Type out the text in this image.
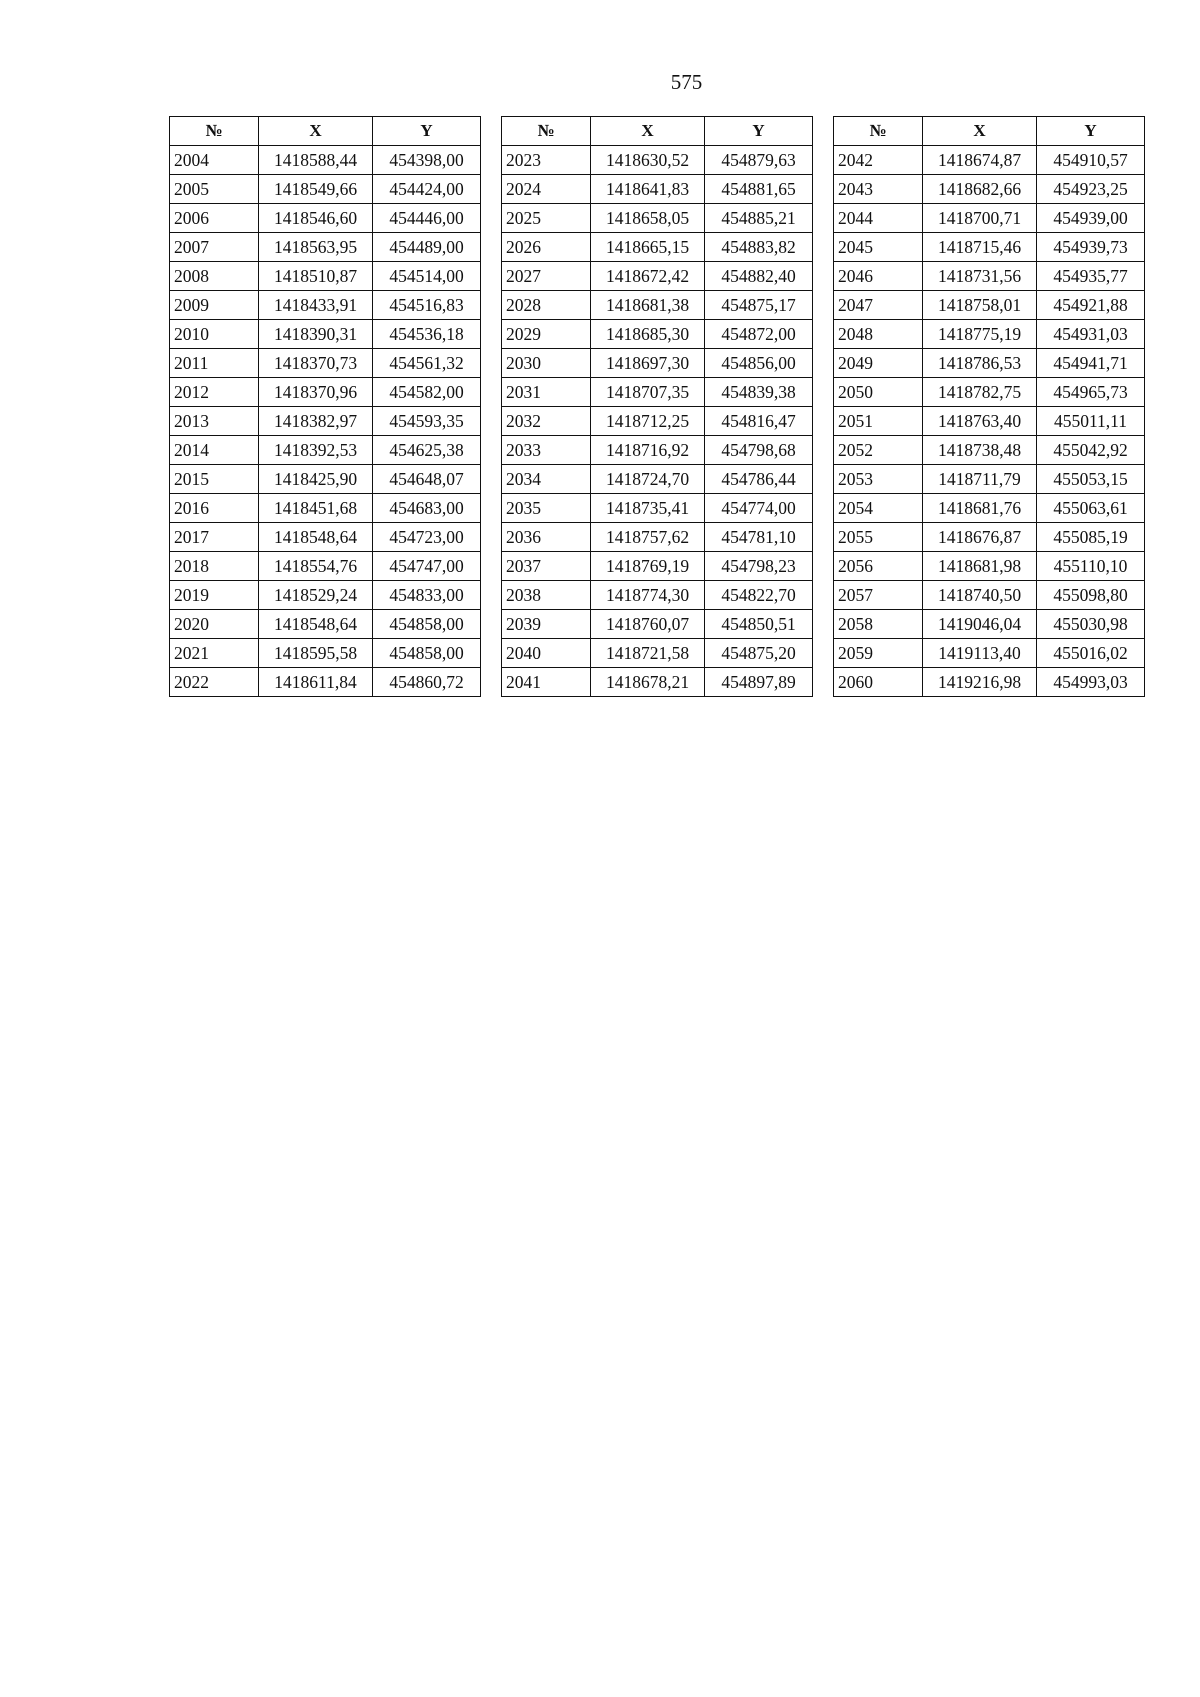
575
№	X	Y
2004	1418588,44	454398,00
2005	1418549,66	454424,00
2006	1418546,60	454446,00
2007	1418563,95	454489,00
2008	1418510,87	454514,00
2009	1418433,91	454516,83
2010	1418390,31	454536,18
2011	1418370,73	454561,32
2012	1418370,96	454582,00
2013	1418382,97	454593,35
2014	1418392,53	454625,38
2015	1418425,90	454648,07
2016	1418451,68	454683,00
2017	1418548,64	454723,00
2018	1418554,76	454747,00
2019	1418529,24	454833,00
2020	1418548,64	454858,00
2021	1418595,58	454858,00
2022	1418611,84	454860,72
№	X	Y
2023	1418630,52	454879,63
2024	1418641,83	454881,65
2025	1418658,05	454885,21
2026	1418665,15	454883,82
2027	1418672,42	454882,40
2028	1418681,38	454875,17
2029	1418685,30	454872,00
2030	1418697,30	454856,00
2031	1418707,35	454839,38
2032	1418712,25	454816,47
2033	1418716,92	454798,68
2034	1418724,70	454786,44
2035	1418735,41	454774,00
2036	1418757,62	454781,10
2037	1418769,19	454798,23
2038	1418774,30	454822,70
2039	1418760,07	454850,51
2040	1418721,58	454875,20
2041	1418678,21	454897,89
№	X	Y
2042	1418674,87	454910,57
2043	1418682,66	454923,25
2044	1418700,71	454939,00
2045	1418715,46	454939,73
2046	1418731,56	454935,77
2047	1418758,01	454921,88
2048	1418775,19	454931,03
2049	1418786,53	454941,71
2050	1418782,75	454965,73
2051	1418763,40	455011,11
2052	1418738,48	455042,92
2053	1418711,79	455053,15
2054	1418681,76	455063,61
2055	1418676,87	455085,19
2056	1418681,98	455110,10
2057	1418740,50	455098,80
2058	1419046,04	455030,98
2059	1419113,40	455016,02
2060	1419216,98	454993,03
